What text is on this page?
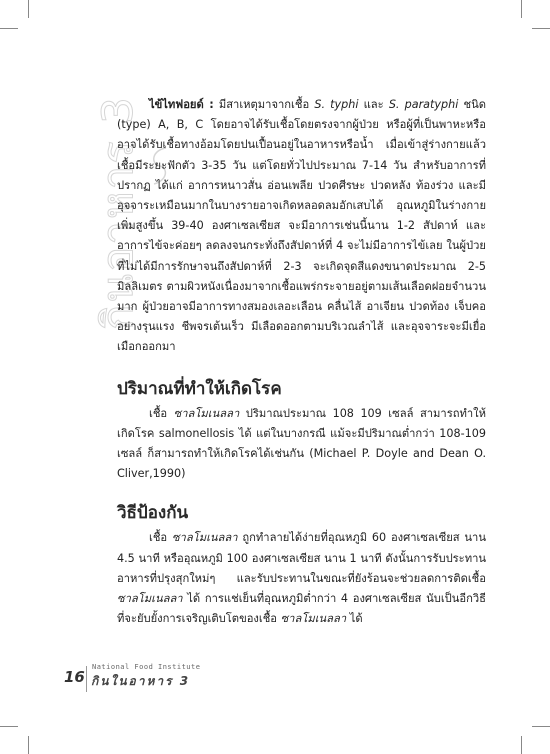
กินอาหาร 3 ไข้ไทฟอยด์ : มีสาเหตุมาจากเชื้อ S. typhi และ S. paratyphi ชนิด (type) A, B, C โดยอาจได้รับเชื้อโดยตรงจากผู้ป่วย หรือผู้ที่เป็นพาหะหรืออาจได้รับเชื้อทางอ้อมโดยปนเปื้อนอยู่ในอาหารหรือน้ำ เมื่อเข้าสู่ร่างกายแล้วเชื้อมีระยะฟักตัว 3-35 วัน แต่โดยทั่วไปประมาณ 7-14 วัน สำหรับอาการที่ปรากฏ ได้แก่ อาการหนาวสั่น อ่อนเพลีย ปวดศีรษะ ปวดหลัง ท้องร่วง และมีอุจจาระเหมือนมากในบางรายอาจเกิดหลอดลมอักเสบได้ อุณหภูมิในร่างกายเพิ่มสูงขึ้น 39-40 องศาเซลเซียส จะมีอาการเช่นนี้นาน 1-2 สัปดาห์ และอาการไข้จะค่อยๆ ลดลงจนกระทั่งถึงสัปดาห์ที่ 4 จะไม่มีอาการไข้เลย ในผู้ป่วยที่ไม่ได้มีการรักษาจนถึงสัปดาห์ที่ 2-3 จะเกิดจุดสีแดงขนาดประมาณ 2-5 มิลลิเมตร ตามผิวหนังเนื่องมาจากเชื้อแพร่กระจายอยู่ตามเส้นเลือดฝอยจำนวนมาก ผู้ป่วยอาจมีอาการทางสมองเลอะเลือน คลื่นไส้ อาเจียน ปวดท้อง เจ็บคออย่างรุนแรง ชีพจรเต้นเร็ว มีเลือดออกตามบริเวณลำไส้ และอุจจาระจะมีเยื่อเมือกออกมา

ปริมาณที่ทำให้เกิดโรค

เชื้อ ซาลโมเนลลา ปริมาณประมาณ 108 109 เซลล์ สามารถทำให้เกิดโรค salmonellosis ได้ แต่ในบางกรณี แม้จะมีปริมาณต่ำกว่า 108-109 เซลล์ ก็สามารถทำให้เกิดโรคได้เช่นกัน (Michael P. Doyle and Dean O. Cliver,1990)

วิธีป้องกัน

เชื้อ ซาลโมเนลลา ถูกทำลายได้ง่ายที่อุณหภูมิ 60 องศาเซลเซียส นาน 4.5 นาที หรืออุณหภูมิ 100 องศาเซลเซียส นาน 1 นาที ดังนั้นการรับประทานอาหารที่ปรุงสุกใหม่ๆ และรับประทานในขณะที่ยังร้อนจะช่วยลดการติดเชื้อ ซาลโมเนลลา ได้ การแช่เย็นที่อุณหภูมิต่ำกว่า 4 องศาเซลเซียส นับเป็นอีกวิธีที่จะยับยั้งการเจริญเติบโตของเชื้อ ซาลโมเนลลา ได้

16
National Food Institute
กินในอาหาร 3
